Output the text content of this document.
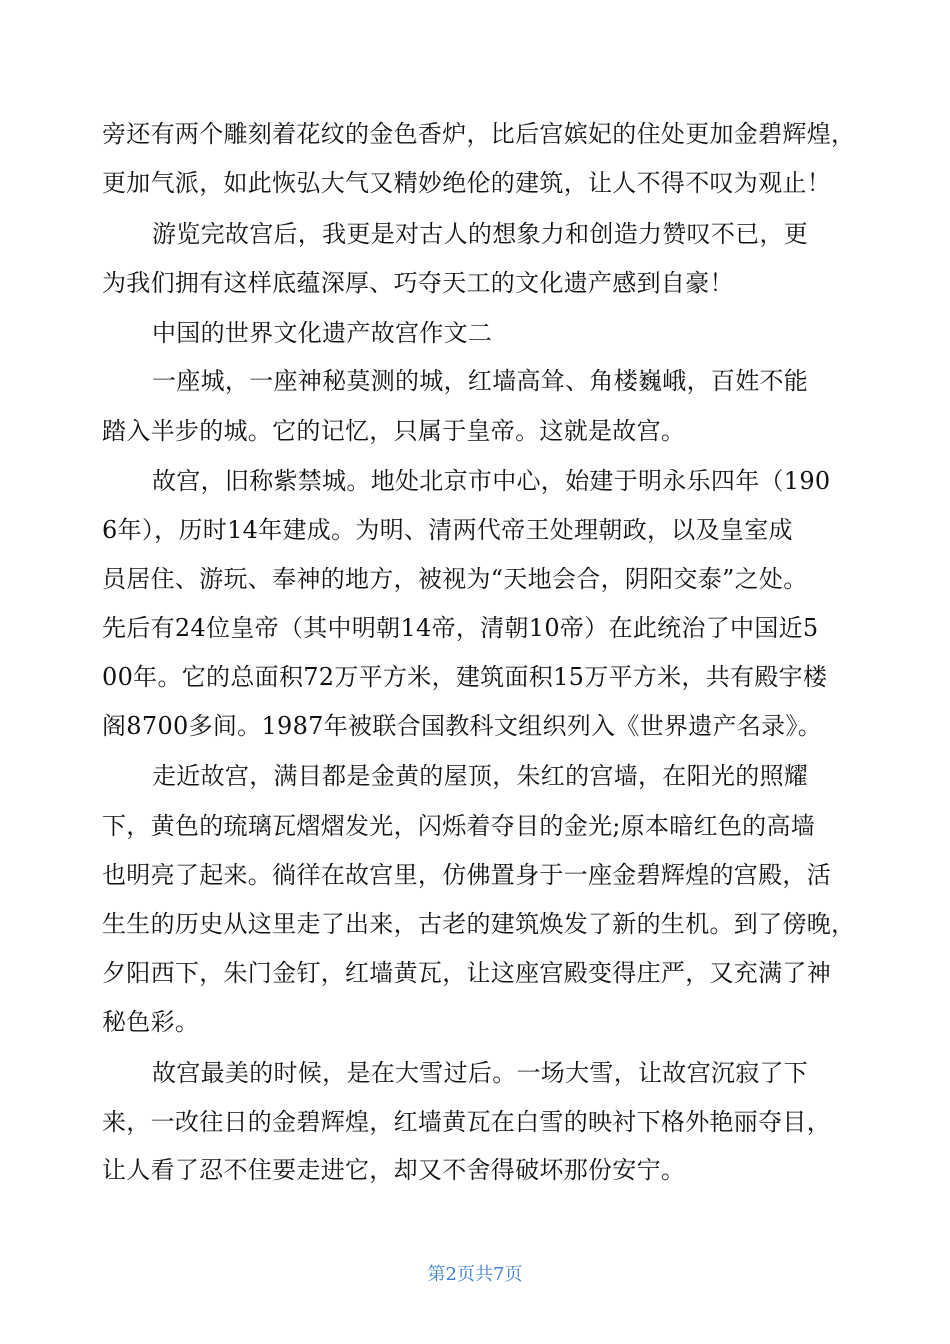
旁还有两个雕刻着花纹的金色香炉，比后宫嫔妃的住处更加金碧辉煌，

更加气派，如此恢弘大气又精妙绝伦的建筑，让人不得不叹为观止！

游览完故宫后，我更是对古人的想象力和创造力赞叹不已，更

为我们拥有这样底蕴深厚、巧夺天工的文化遗产感到自豪！

中国的世界文化遗产故宫作文二

一座城，一座神秘莫测的城，红墙高耸、角楼巍峨，百姓不能

踏入半步的城。它的记忆，只属于皇帝。这就是故宫。

故宫，旧称紫禁城。地处北京市中心，始建于明永乐四年（190

6年），历时14年建成。为明、清两代帝王处理朝政，以及皇室成

员居住、游玩、奉神的地方，被视为“天地会合，阴阳交泰”之处。

先后有24位皇帝（其中明朝14帝，清朝10帝）在此统治了中国近5

00年。它的总面积72万平方米，建筑面积15万平方米，共有殿宇楼

阁8700多间。1987年被联合国教科文组织列入《世界遗产名录》。

走近故宫，满目都是金黄的屋顶，朱红的宫墙，在阳光的照耀

下，黄色的琉璃瓦熠熠发光，闪烁着夺目的金光;原本暗红色的高墙

也明亮了起来。徜徉在故宫里，仿佛置身于一座金碧辉煌的宫殿，活

生生的历史从这里走了出来，古老的建筑焕发了新的生机。到了傍晚，

夕阳西下，朱门金钉，红墙黄瓦，让这座宫殿变得庄严，又充满了神

秘色彩。

故宫最美的时候，是在大雪过后。一场大雪，让故宫沉寂了下

来，一改往日的金碧辉煌，红墙黄瓦在白雪的映衬下格外艳丽夺目，

让人看了忍不住要走进它，却又不舍得破坏那份安宁。

第2页共7页
